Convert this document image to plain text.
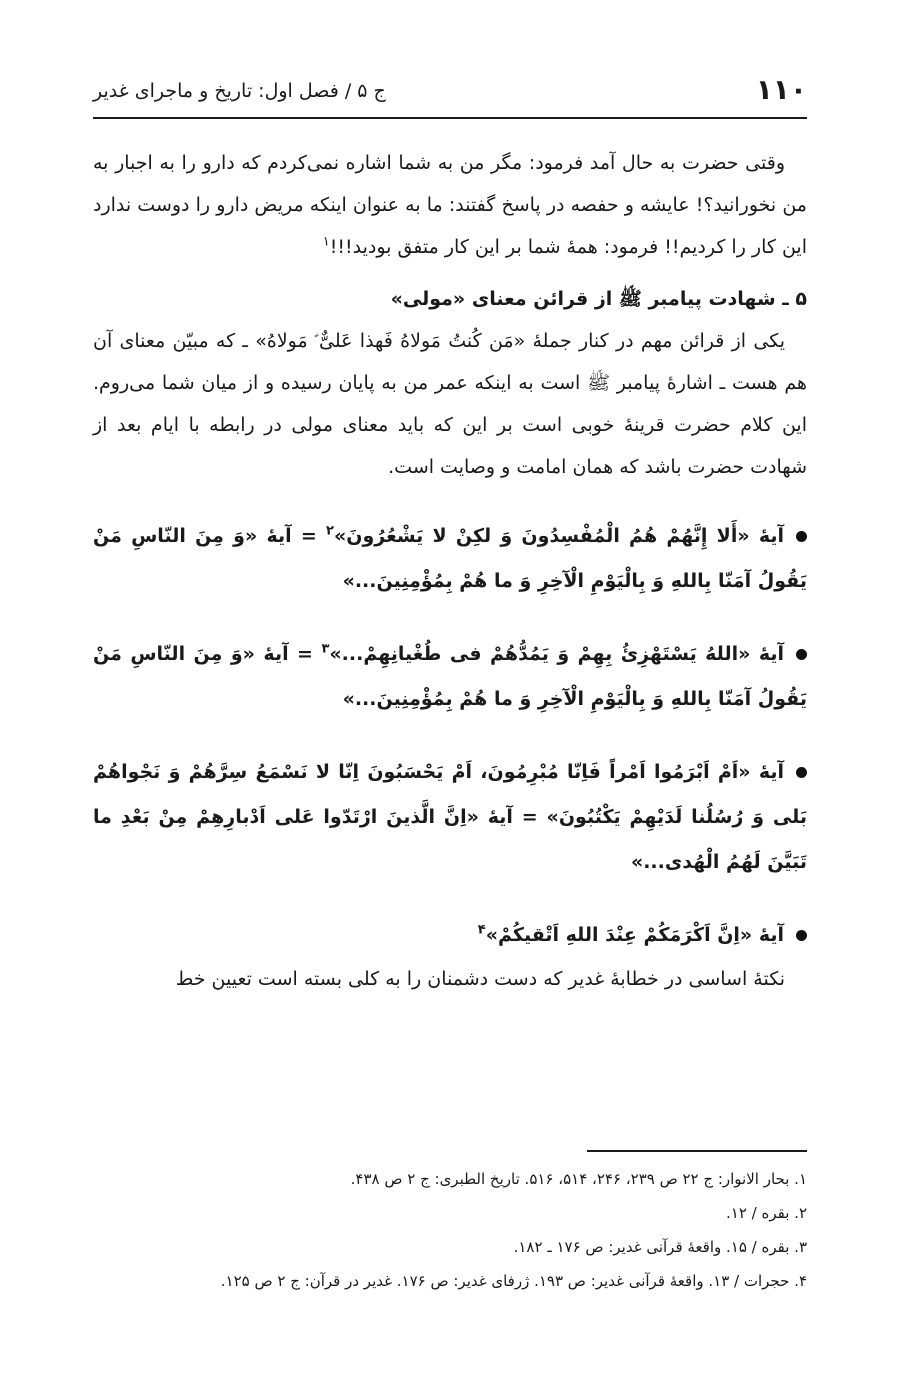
۱۱۰
ج ۵ / فصل اول: تاریخ و ماجرای غدیر

وقتی حضرت به حال آمد فرمود: مگر من به شما اشاره نمی‌کردم که دارو را به اجبار به من نخورانید؟! عایشه و حفصه در پاسخ گفتند: ما به عنوان اینکه مریض دارو را دوست ندارد این کار را کردیم!! فرمود: همهٔ شما بر این کار متفق بودید!!!$^۱$

۵ ـ شهادت پیامبر ﷺ از قرائن معنای «مولی»

یکی از قرائن مهم در کنار جملهٔ «مَن کُنتُ مَولاهُ فَهذا عَلیٌّ ؑ مَولاهُ» ـ که مبیّن معنای آن هم هست ـ اشارهٔ پیامبر ﷺ است به اینکه عمر من به پایان رسیده و از میان شما می‌روم. این کلام حضرت قرینهٔ خوبی است بر این که باید معنای مولی در رابطه با ایام بعد از شهادت حضرت باشد که همان امامت و وصایت است.

آیهٔ «أَلا إِنَّهُمْ هُمُ الْمُفْسِدُونَ وَ لکِنْ لا یَشْعُرُونَ»$^۲$ = آیهٔ «وَ مِنَ النّاسِ مَنْ یَقُولُ آمَنّا بِاللهِ وَ بِالْیَوْمِ الْآخِرِ وَ ما هُمْ بِمُؤْمِنِینَ...»

آیهٔ «اللهُ یَسْتَهْزِئُ بِهِمْ وَ یَمُدُّهُمْ فی طُغْیانِهِمْ...»$^۳$ = آیهٔ «وَ مِنَ النّاسِ مَنْ یَقُولُ آمَنّا بِاللهِ وَ بِالْیَوْمِ الْآخِرِ وَ ما هُمْ بِمُؤْمِنِینَ...»

آیهٔ «اَمْ اَبْرَمُوا اَمْراً فَاِنّا مُبْرِمُونَ، اَمْ یَحْسَبُونَ اِنّا لا نَسْمَعُ سِرَّهُمْ وَ نَجْواهُمْ بَلی وَ رُسُلُنا لَدَیْهِمْ یَکْتُبُونَ» = آیهٔ «اِنَّ الَّذینَ ارْتَدّوا عَلی اَدْبارِهِمْ مِنْ بَعْدِ ما تَبَیَّنَ لَهُمُ الْهُدی...»

آیهٔ «اِنَّ اَکْرَمَکُمْ عِنْدَ اللهِ اَتْقیکُمْ»$^۴$

نکتهٔ اساسی در خطابهٔ غدیر که دست دشمنان را به کلی بسته است تعیین خط

۱. بحار الانوار: ج ۲۲ ص ۲۳۹، ۲۴۶، ۵۱۴، ۵۱۶. تاریخ الطبری: ج ۲ ص ۴۳۸.

۲. بقره / ۱۲.

۳. بقره / ۱۵. واقعهٔ قرآنی غدیر: ص ۱۷۶ ـ ۱۸۲.

۴. حجرات / ۱۳. واقعهٔ قرآنی غدیر: ص ۱۹۳. ژرفای غدیر: ص ۱۷۶. غدیر در قرآن: ج ۲ ص ۱۲۵.
